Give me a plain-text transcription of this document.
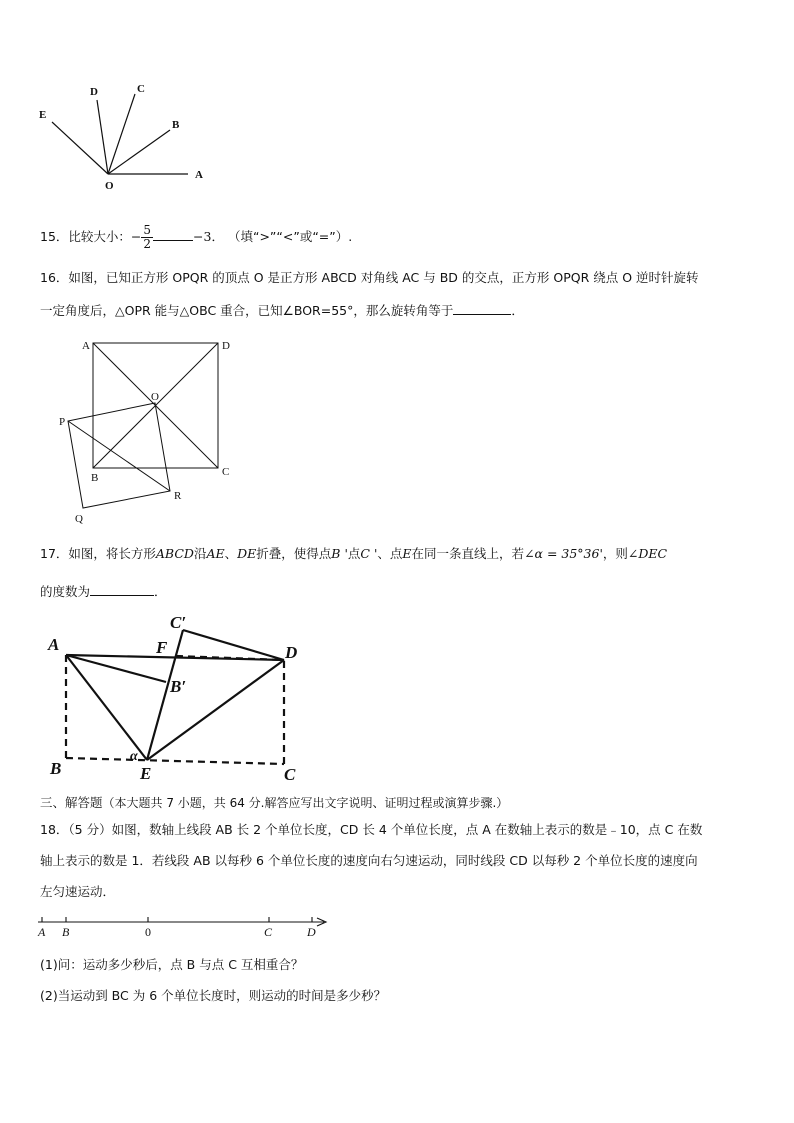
E
D	C
B
A
O
15．比较大小：− $\frac{5}{2}$	−3． （填“>”“<”或“=”）.
16．如图，已知正方形 OPQR 的顶点 O 是正方形 ABCD 对角线 AC 与 BD 的交点，正方形 OPQR 绕点 O 逆时针旋转
一定角度后，△OPR 能与△OBC 重合，已知∠BOR=55°，那么旋转角等于	．
A	D
O
P
B	C
R
Q
17．如图，将长方形ABCD沿AE、DE折叠，使得点B '点C '、点E在同一条直线上，若∠α = 35°36'，则∠DEC
的度数为	．
C′
A	F	D
B′
α
B	E	C
三、解答题（本大题共 7 小题，共 64 分.解答应写出文字说明、证明过程或演算步骤.）
18．（5 分）如图，数轴上线段 AB 长 2 个单位长度，CD 长 4 个单位长度，点 A 在数轴上表示的数是﹣10，点 C 在数
轴上表示的数是 1．若线段 AB 以每秒 6 个单位长度的速度向右匀速运动，同时线段 CD 以每秒 2 个单位长度的速度向
左匀速运动．
A B	0	C	D
(1)问：运动多少秒后，点 B 与点 C 互相重合？
(2)当运动到 BC 为 6 个单位长度时，则运动的时间是多少秒？
